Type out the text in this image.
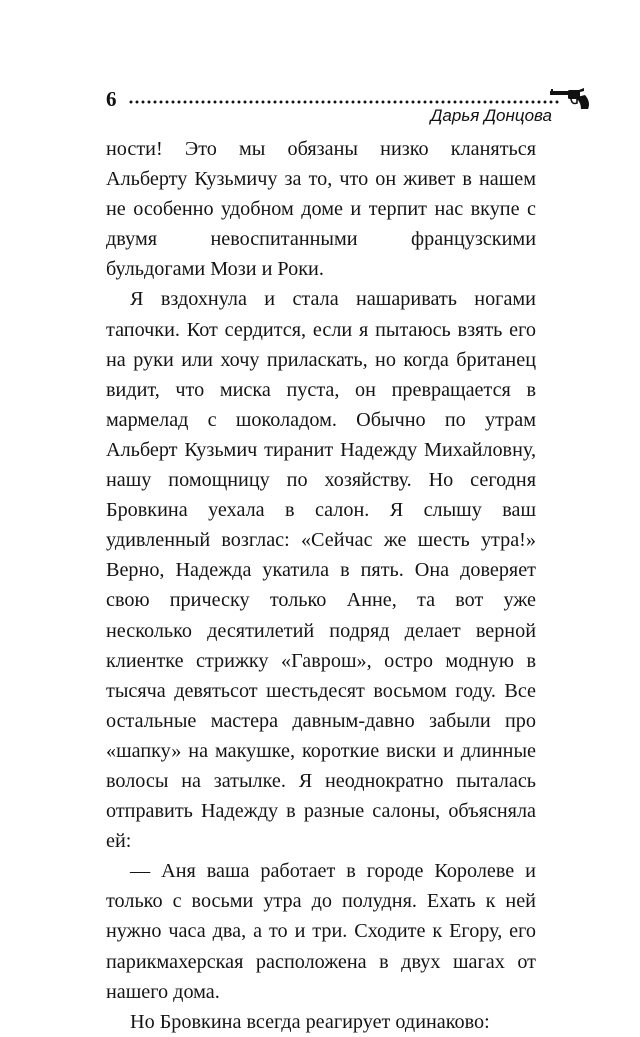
6
Дарья Донцова

ности! Это мы обязаны низко кланяться Альберту Кузьмичу за то, что он живет в нашем не особенно удобном доме и терпит нас вкупе с двумя невоспитанными французскими бульдогами Мози и Роки.

Я вздохнула и стала нашаривать ногами тапочки. Кот сердится, если я пытаюсь взять его на руки или хочу приласкать, но когда британец видит, что миска пуста, он превращается в мармелад с шоколадом. Обычно по утрам Альберт Кузьмич тиранит Надежду Михайловну, нашу помощницу по хозяйству. Но сегодня Бровкина уехала в салон. Я слышу ваш удивленный возглас: «Сейчас же шесть утра!» Верно, Надежда укатила в пять. Она доверяет свою прическу только Анне, та вот уже несколько десятилетий подряд делает верной клиентке стрижку «Гаврош», остро модную в тысяча девятьсот шестьдесят восьмом году. Все остальные мастера давным-давно забыли про «шапку» на макушке, короткие виски и длинные волосы на затылке. Я неоднократно пыталась отправить Надежду в разные салоны, объясняла ей:

— Аня ваша работает в городе Королеве и только с восьми утра до полудня. Ехать к ней нужно часа два, а то и три. Сходите к Егору, его парикмахерская расположена в двух шагах от нашего дома.

Но Бровкина всегда реагирует одинаково:
